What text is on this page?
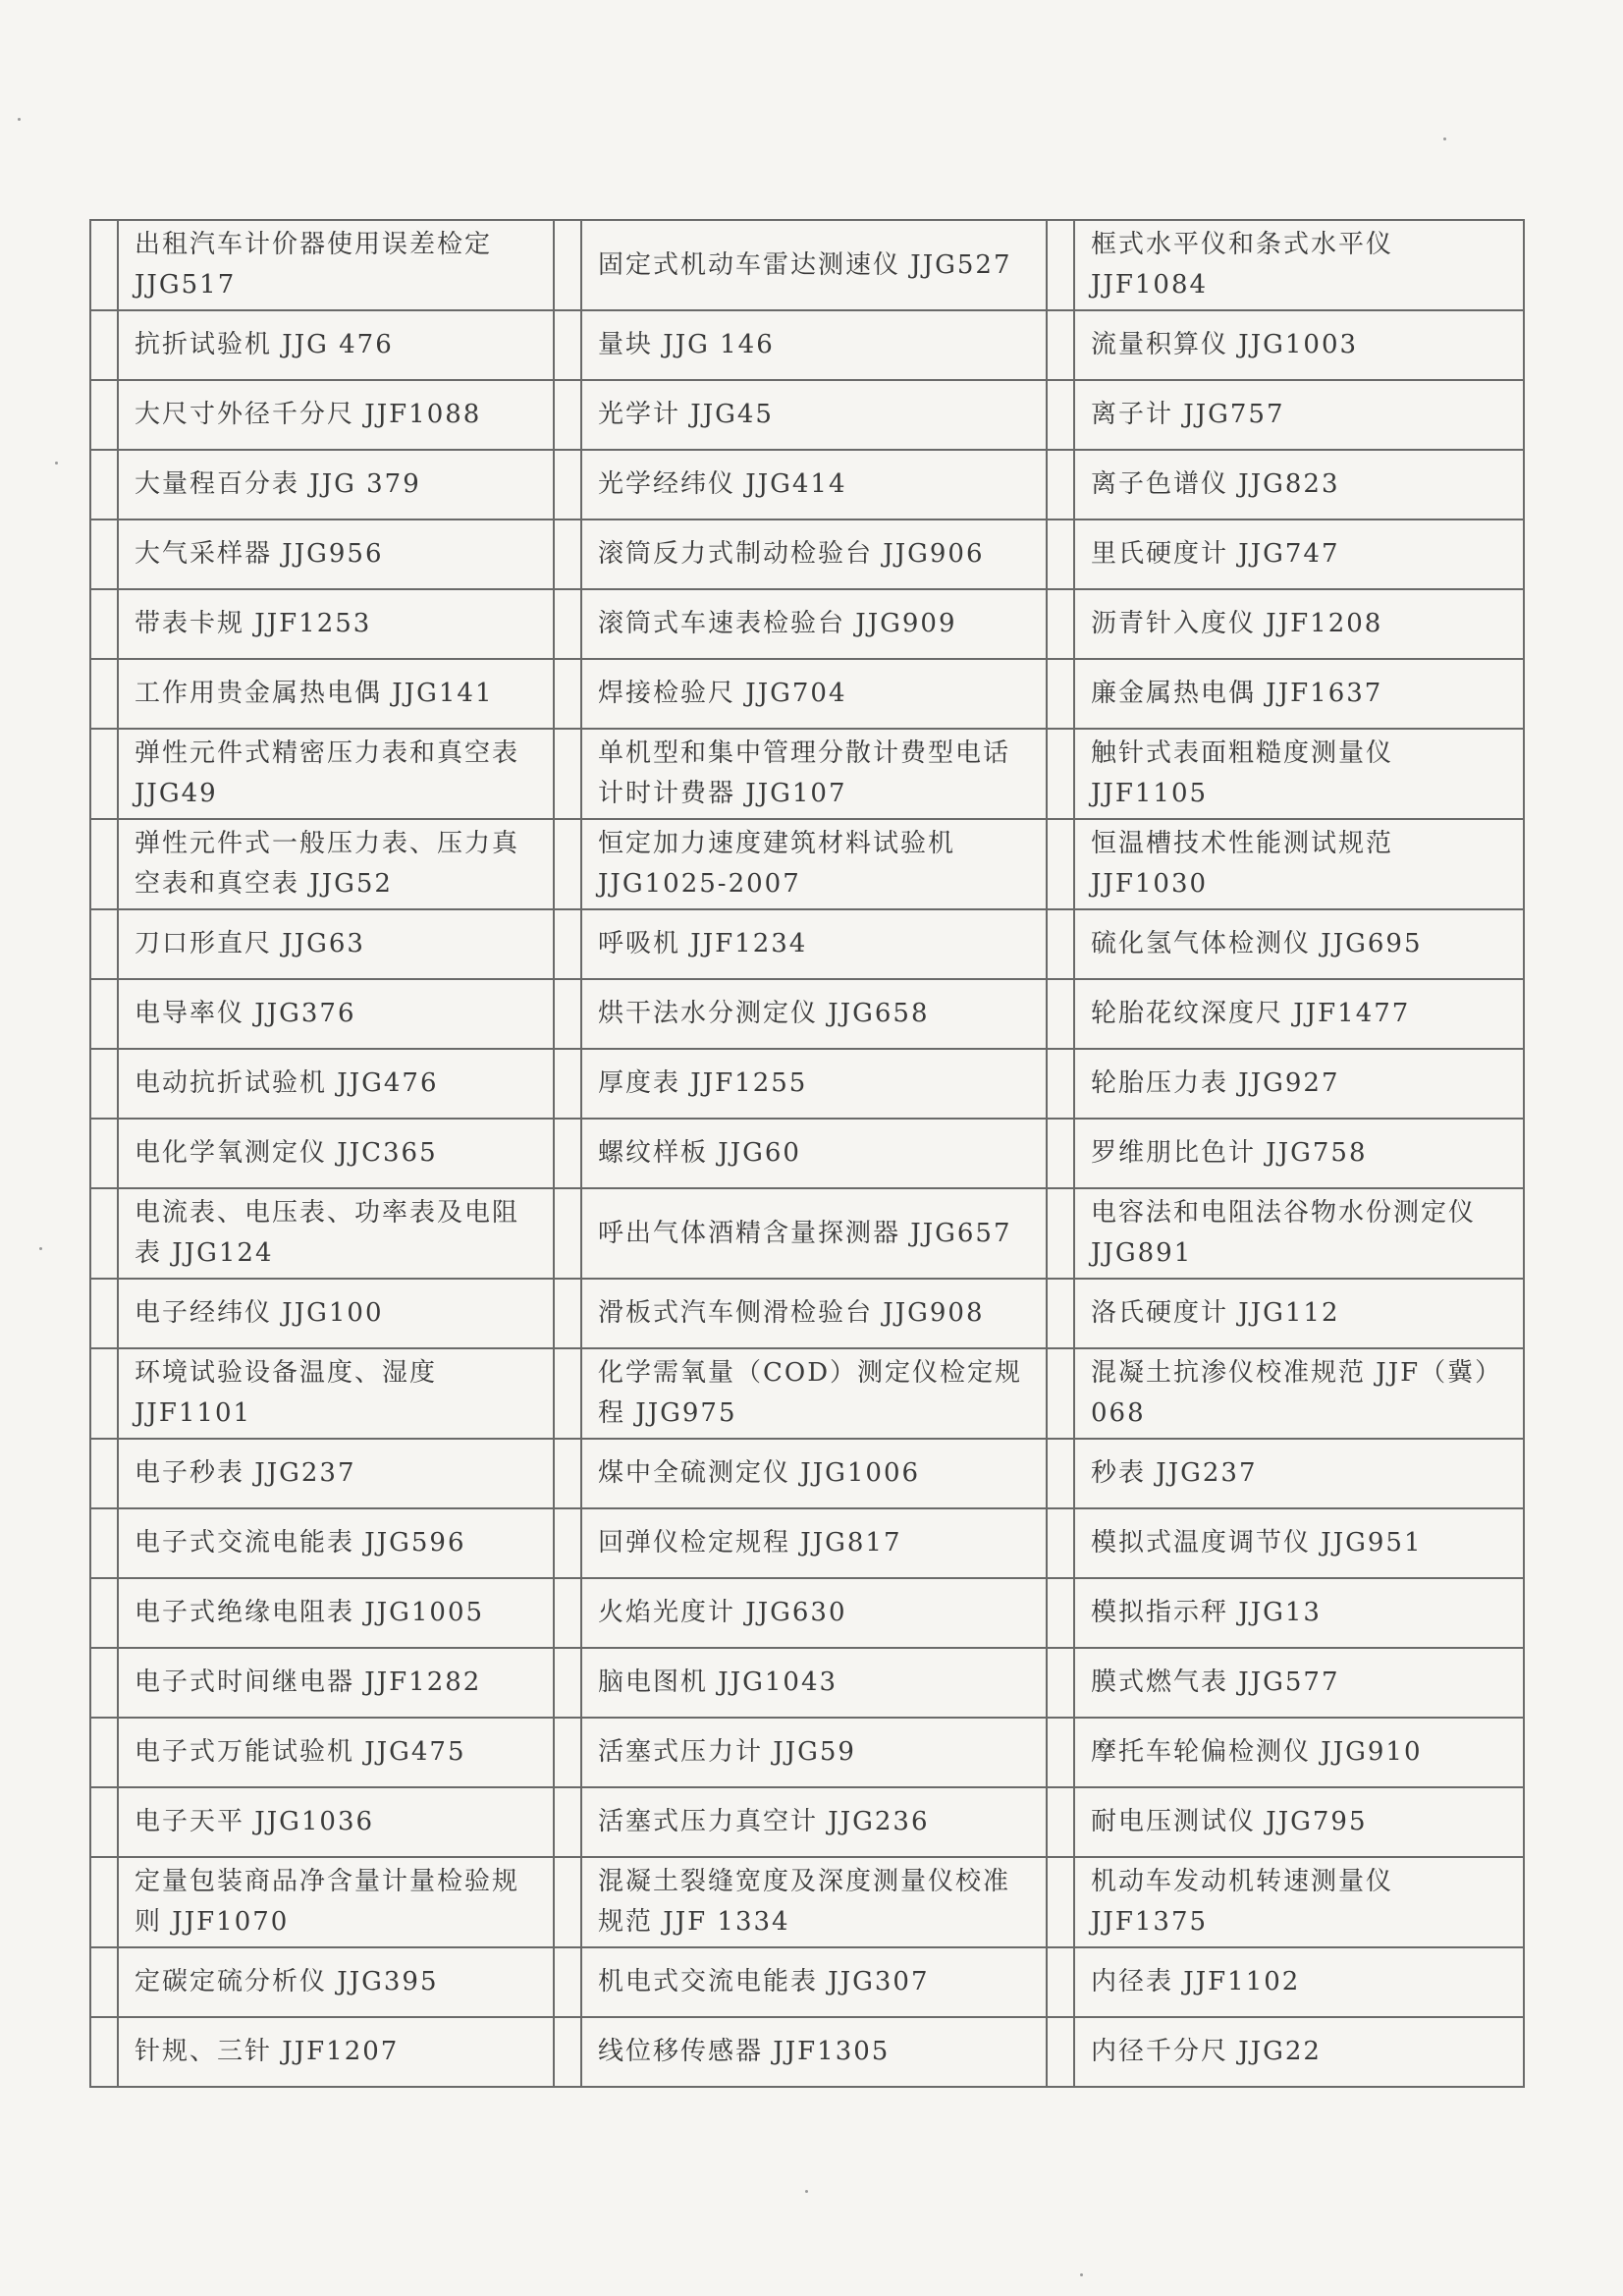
	出租汽车计价器使用误差检定 JJG517		固定式机动车雷达测速仪 JJG527		框式水平仪和条式水平仪 JJF1084
	抗折试验机 JJG 476		量块 JJG 146		流量积算仪 JJG1003
	大尺寸外径千分尺 JJF1088		光学计 JJG45		离子计 JJG757
	大量程百分表 JJG 379		光学经纬仪 JJG414		离子色谱仪 JJG823
	大气采样器 JJG956		滚筒反力式制动检验台 JJG906		里氏硬度计 JJG747
	带表卡规 JJF1253		滚筒式车速表检验台 JJG909		沥青针入度仪 JJF1208
	工作用贵金属热电偶 JJG141		焊接检验尺 JJG704		廉金属热电偶 JJF1637
	弹性元件式精密压力表和真空表 JJG49		单机型和集中管理分散计费型电话计时计费器 JJG107		触针式表面粗糙度测量仪 JJF1105
	弹性元件式一般压力表、压力真空表和真空表 JJG52		恒定加力速度建筑材料试验机 JJG1025-2007		恒温槽技术性能测试规范 JJF1030
	刀口形直尺 JJG63		呼吸机 JJF1234		硫化氢气体检测仪 JJG695
	电导率仪 JJG376		烘干法水分测定仪 JJG658		轮胎花纹深度尺 JJF1477
	电动抗折试验机 JJG476		厚度表 JJF1255		轮胎压力表 JJG927
	电化学氧测定仪 JJC365		螺纹样板 JJG60		罗维朋比色计 JJG758
	电流表、电压表、功率表及电阻表 JJG124		呼出气体酒精含量探测器 JJG657		电容法和电阻法谷物水份测定仪 JJG891
	电子经纬仪 JJG100		滑板式汽车侧滑检验台 JJG908		洛氏硬度计 JJG112
	环境试验设备温度、湿度 JJF1101		化学需氧量（COD）测定仪检定规程 JJG975		混凝土抗渗仪校准规范 JJF（冀）068
	电子秒表 JJG237		煤中全硫测定仪 JJG1006		秒表 JJG237
	电子式交流电能表 JJG596		回弹仪检定规程 JJG817		模拟式温度调节仪 JJG951
	电子式绝缘电阻表 JJG1005		火焰光度计 JJG630		模拟指示秤 JJG13
	电子式时间继电器 JJF1282		脑电图机 JJG1043		膜式燃气表 JJG577
	电子式万能试验机 JJG475		活塞式压力计 JJG59		摩托车轮偏检测仪 JJG910
	电子天平 JJG1036		活塞式压力真空计 JJG236		耐电压测试仪 JJG795
	定量包装商品净含量计量检验规则 JJF1070		混凝土裂缝宽度及深度测量仪校准规范 JJF 1334		机动车发动机转速测量仪 JJF1375
	定碳定硫分析仪 JJG395		机电式交流电能表 JJG307		内径表 JJF1102
	针规、三针 JJF1207		线位移传感器 JJF1305		内径千分尺 JJG22
